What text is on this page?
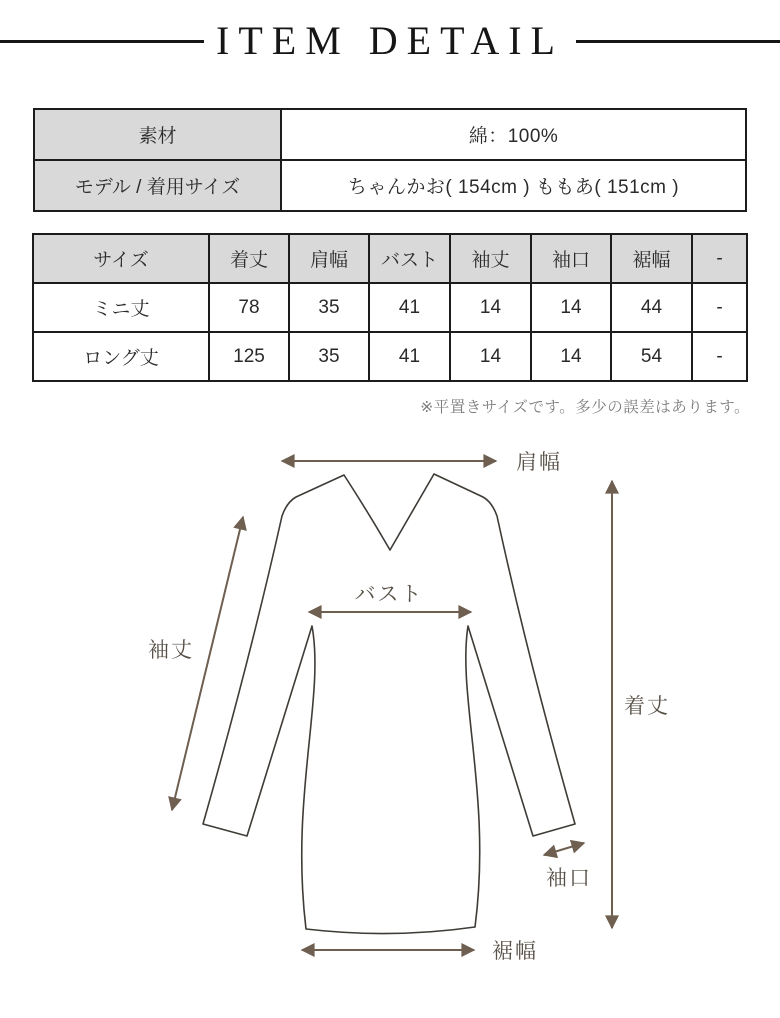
ITEM DETAIL
素材	綿：100%
モデル / 着用サイズ	ちゃんかお( 154cm ) ももあ( 151cm )
サイズ	着丈	肩幅	バスト	袖丈	袖口	裾幅	-
ミニ丈	78	35	41	14	14	44	-
ロング丈	125	35	41	14	14	54	-
※平置きサイズです。多少の誤差はあります。
肩幅
バスト
袖丈
着丈
袖口
裾幅
